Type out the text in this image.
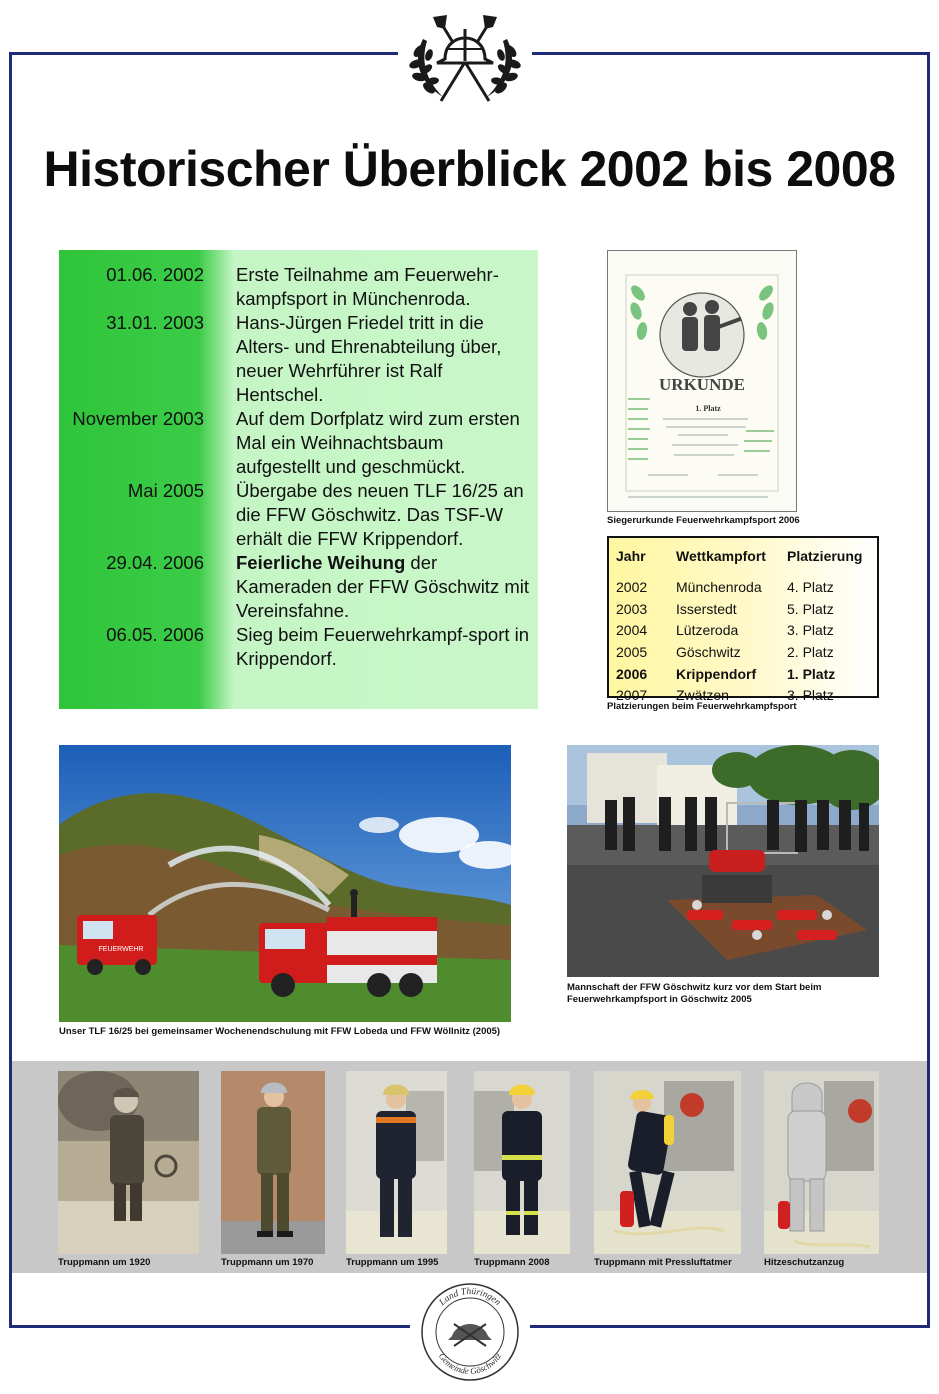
Historischer Überblick 2002 bis 2008
01.06. 2002 Erste Teilnahme am Feuerwehr-kampfsport in Münchenroda.
31.01. 2003 Hans-Jürgen Friedel tritt in die Alters- und Ehrenabteilung über, neuer Wehrführer ist Ralf Hentschel.
November 2003 Auf dem Dorfplatz wird zum ersten Mal ein Weihnachtsbaum aufgestellt und geschmückt.
Mai 2005 Übergabe des neuen TLF 16/25 an die FFW Göschwitz. Das TSF-W erhält die FFW Krippendorf.
29.04. 2006 Feierliche Weihung der Kameraden der FFW Göschwitz mit Vereinsfahne.
06.05. 2006 Sieg beim Feuerwehrkampf-sport in Krippendorf.
URKUNDE
1. Platz
Siegerurkunde Feuerwehrkampfsport 2006
Jahr	Wettkampfort	Platzierung

2002	Münchenroda	4. Platz
2003	Isserstedt	5. Platz
2004	Lützeroda	3. Platz
2005	Göschwitz	2. Platz
2006	Krippendorf	1. Platz
2007	Zwätzen	3. Platz
Platzierungen beim Feuerwehrkampfsport
FEUERWEHR
Unser TLF 16/25 bei gemeinsamer Wochenendschulung mit FFW Lobeda und FFW Wöllnitz (2005)
Mannschaft der FFW Göschwitz kurz vor dem Start beim Feuerwehrkampfsport in Göschwitz 2005
Truppmann um 1920	Truppmann um 1970	Truppmann um 1995	Truppmann 2008	Truppmann mit Pressluftatmer	Hitzeschutzanzug
Land Thüringen
Gemeinde Göschwitz
